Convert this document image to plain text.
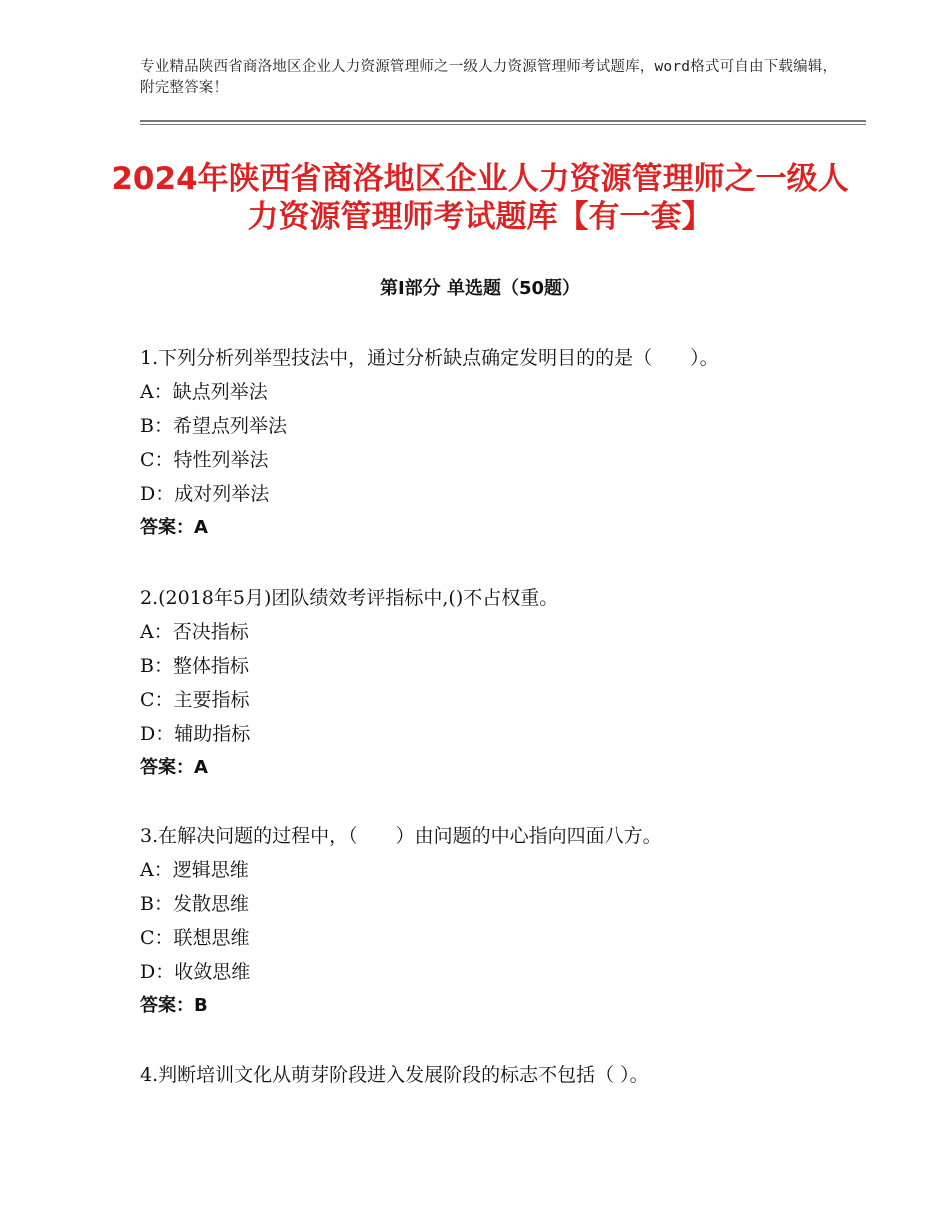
专业精品陕西省商洛地区企业人力资源管理师之一级人力资源管理师考试题库，word格式可自由下载编辑，附完整答案！
2024年陕西省商洛地区企业人力资源管理师之一级人力资源管理师考试题库【有一套】
第Ⅰ部分 单选题（50题）
1.下列分析列举型技法中，通过分析缺点确定发明目的的是（　　）。
A：缺点列举法
B：希望点列举法
C：特性列举法
D：成对列举法
答案：A
2.(2018年5月)团队绩效考评指标中,()不占权重。
A：否决指标
B：整体指标
C：主要指标
D：辅助指标
答案：A
3.在解决问题的过程中，（　　）由问题的中心指向四面八方。
A：逻辑思维
B：发散思维
C：联想思维
D：收敛思维
答案：B
4.判断培训文化从萌芽阶段进入发展阶段的标志不包括（ ）。
